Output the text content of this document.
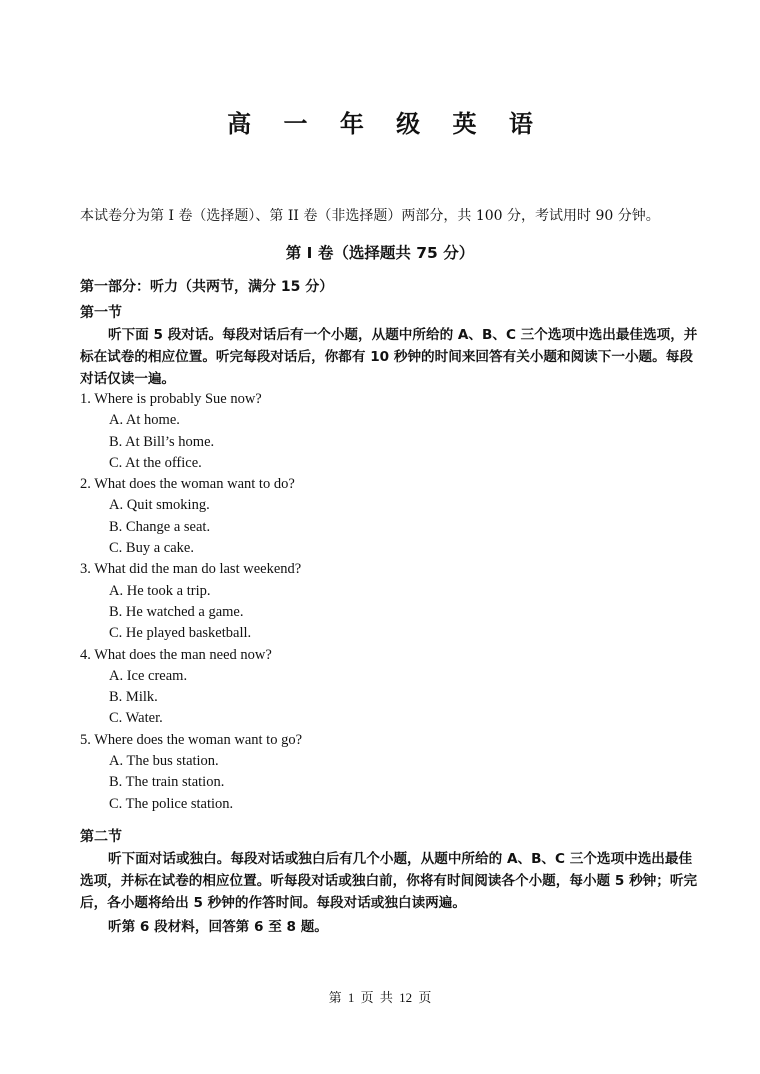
高 一 年 级 英 语
本试卷分为第 I 卷（选择题）、第 II 卷（非选择题）两部分，共 100 分，考试用时 90 分钟。
第 I 卷（选择题共 75 分）
第一部分：听力（共两节，满分 15 分）
第一节
听下面 5 段对话。每段对话后有一个小题，从题中所给的 A、B、C 三个选项中选出最佳选项，并标在试卷的相应位置。听完每段对话后，你都有 10 秒钟的时间来回答有关小题和阅读下一小题。每段对话仅读一遍。
1. Where is probably Sue now?
A. At home.
B. At Bill’s home.
C. At the office.
2. What does the woman want to do?
A. Quit smoking.
B. Change a seat.
C. Buy a cake.
3. What did the man do last weekend?
A. He took a trip.
B. He watched a game.
C. He played basketball.
4. What does the man need now?
A. Ice cream.
B. Milk.
C. Water.
5. Where does the woman want to go?
A. The bus station.
B. The train station.
C. The police station.
第二节
听下面对话或独白。每段对话或独白后有几个小题，从题中所给的 A、B、C 三个选项中选出最佳选项，并标在试卷的相应位置。听每段对话或独白前，你将有时间阅读各个小题，每小题 5 秒钟；听完后，各小题将给出 5 秒钟的作答时间。每段对话或独白读两遍。
听第 6 段材料，回答第 6 至 8 题。
第 1 页 共 12 页
